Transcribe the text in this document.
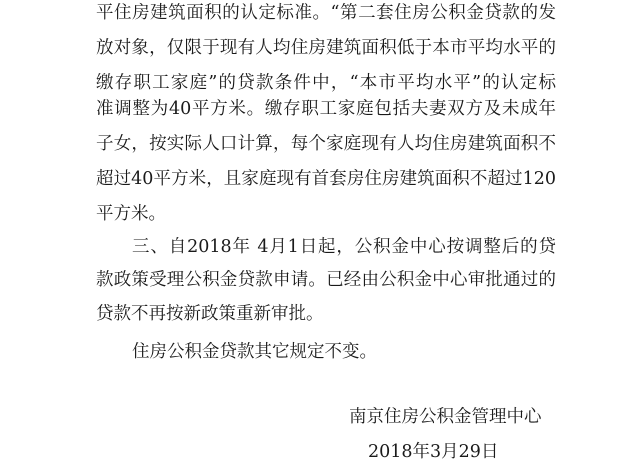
平住房建筑面积的认定标准。“第二套住房公积金贷款的发
放对象，仅限于现有人均住房建筑面积低于本市平均水平的
缴存职工家庭”的贷款条件中，“本市平均水平”的认定标
准调整为40平方米。缴存职工家庭包括夫妻双方及未成年
子女，按实际人口计算，每个家庭现有人均住房建筑面积不
超过40平方米，且家庭现有首套房住房建筑面积不超过120
平方米。
三、自2018年 4月1日起，公积金中心按调整后的贷
款政策受理公积金贷款申请。已经由公积金中心审批通过的
贷款不再按新政策重新审批。
住房公积金贷款其它规定不变。
南京住房公积金管理中心
2018年3月29日
